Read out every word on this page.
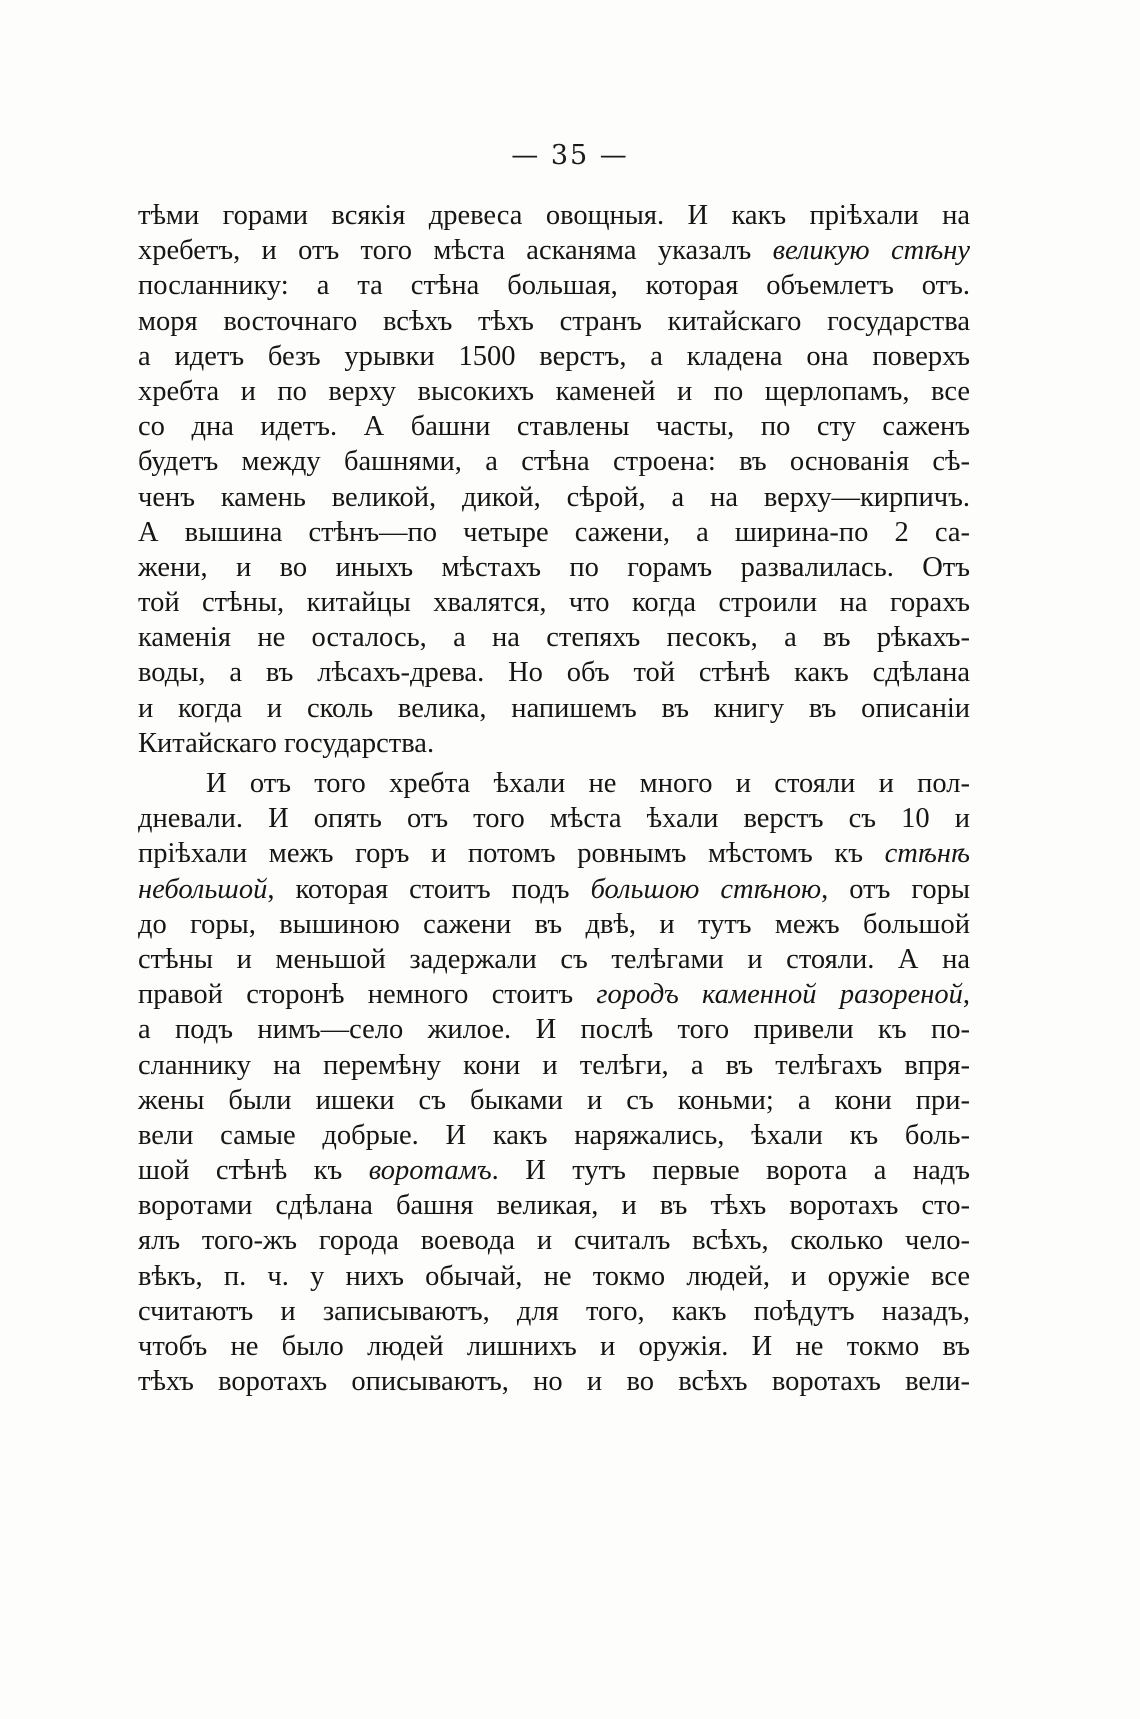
— 35 —
тѣми горами всякія древеса овощныя. И какъ пріѣхали на
хребетъ, и отъ того мѣста асканяма указалъ великую стѣну
посланнику: а та стѣна большая, которая объемлетъ отъ.
моря восточнаго всѣхъ тѣхъ странъ китайскаго государства
а идетъ безъ урывки 1500 верстъ, а кладена она поверхъ
хребта и по верху высокихъ каменей и по щерлопамъ, все
со дна идетъ. А башни ставлены часты, по сту саженъ
будетъ между башнями, а стѣна строена: въ основанія сѣ-
ченъ камень великой, дикой, сѣрой, а на верху—кирпичъ.
А вышина стѣнъ—по четыре сажени, а ширина-по 2 са-
жени, и во иныхъ мѣстахъ по горамъ развалилась. Отъ
той стѣны, китайцы хвалятся, что когда строили на горахъ
каменія не осталось, а на степяхъ песокъ, а въ рѣкахъ-
воды, а въ лѣсахъ-древа. Но объ той стѣнѣ какъ сдѣлана
и когда и сколь велика, напишемъ въ книгу въ описаніи
Китайскаго государства.
И отъ того хребта ѣхали не много и стояли и пол-
дневали. И опять отъ того мѣста ѣхали верстъ съ 10 и
пріѣхали межъ горъ и потомъ ровнымъ мѣстомъ къ стѣнѣ
небольшой, которая стоитъ подъ большою стѣною, отъ горы
до горы, вышиною сажени въ двѣ, и тутъ межъ большой
стѣны и меньшой задержали съ телѣгами и стояли. А на
правой сторонѣ немного стоитъ городъ каменной разореной,
а подъ нимъ—село жилое. И послѣ того привели къ по-
сланнику на перемѣну кони и телѣги, а въ телѣгахъ впря-
жены были ишеки съ быками и съ коньми; а кони при-
вели самые добрые. И какъ наряжались, ѣхали къ боль-
шой стѣнѣ къ воротамъ. И тутъ первые ворота а надъ
воротами сдѣлана башня великая, и въ тѣхъ воротахъ сто-
ялъ того-жъ города воевода и считалъ всѣхъ, сколько чело-
вѣкъ, п. ч. у нихъ обычай, не токмо людей, и оружіе все
считаютъ и записываютъ, для того, какъ поѣдутъ назадъ,
чтобъ не было людей лишнихъ и оружія. И не токмо въ
тѣхъ воротахъ описываютъ, но и во всѣхъ воротахъ вели-
